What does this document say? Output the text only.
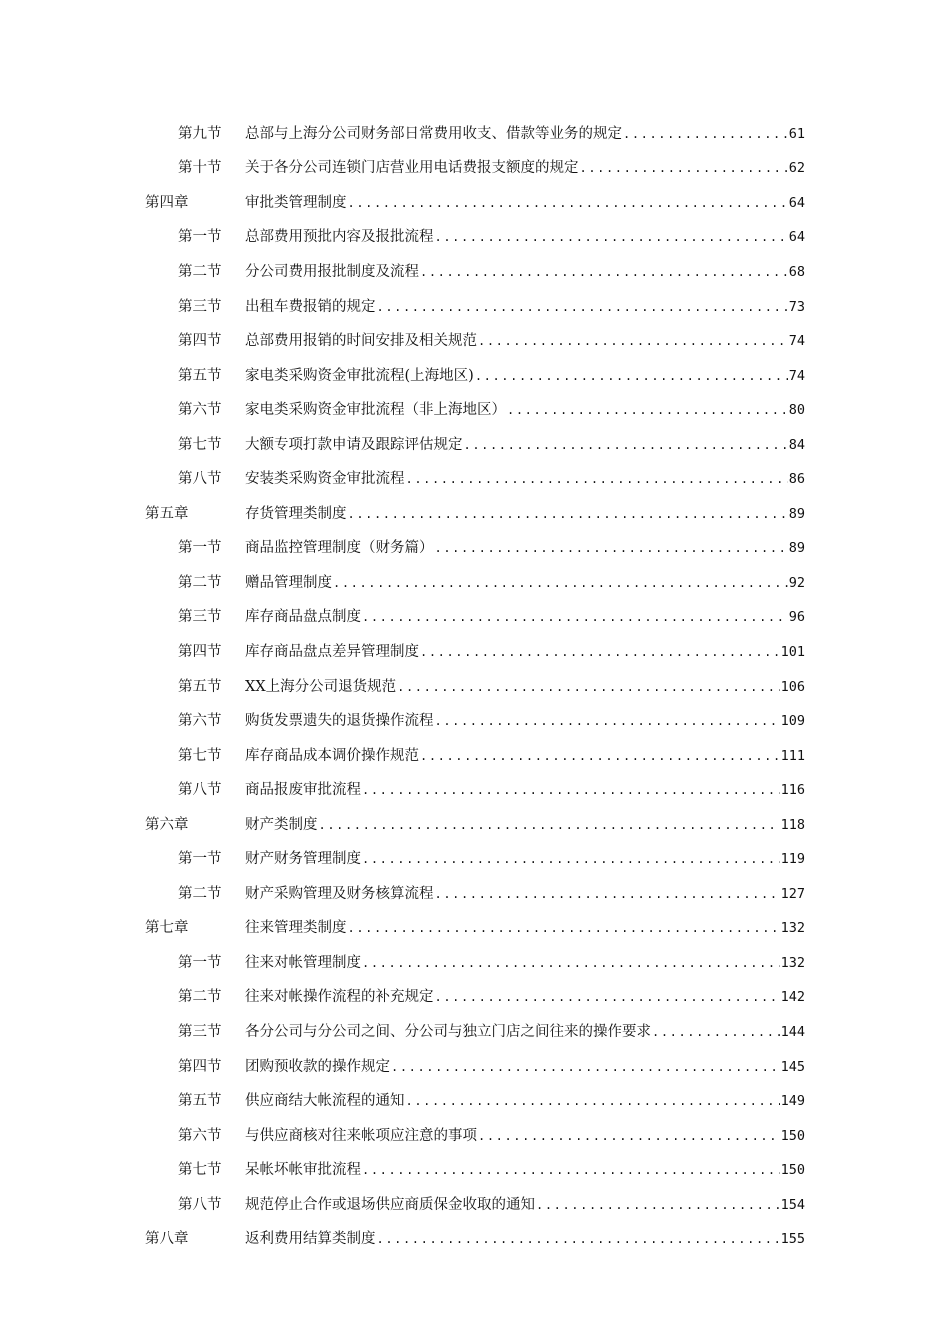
第九节 总部与上海分公司财务部日常费用收支、借款等业务的规定 .....	61
第十节 关于各分公司连锁门店营业用电话费报支额度的规定 .....	62
第四章	审批类管理制度 .....	64
第一节 总部费用预批内容及报批流程 .....	64
第二节 分公司费用报批制度及流程 .....	68
第三节 出租车费报销的规定 .....	73
第四节 总部费用报销的时间安排及相关规范 .....	74
第五节 家电类采购资金审批流程(上海地区) .....	74
第六节 家电类采购资金审批流程（非上海地区） .....	80
第七节 大额专项打款申请及跟踪评估规定 .....	84
第八节 安装类采购资金审批流程 .....	86
第五章	存货管理类制度 .....	89
第一节 商品监控管理制度（财务篇） .....	89
第二节 赠品管理制度 .....	92
第三节 库存商品盘点制度 .....	96
第四节 库存商品盘点差异管理制度 .....	101
第五节 XX上海分公司退货规范 .....	106
第六节 购货发票遗失的退货操作流程 .....	109
第七节 库存商品成本调价操作规范 .....	111
第八节 商品报废审批流程 .....	116
第六章	财产类制度 .....	118
第一节 财产财务管理制度 .....	119
第二节 财产采购管理及财务核算流程 .....	127
第七章	往来管理类制度 .....	132
第一节 往来对帐管理制度 .....	132
第二节 往来对帐操作流程的补充规定 .....	142
第三节 各分公司与分公司之间、分公司与独立门店之间往来的操作要求 .....	144
第四节 团购预收款的操作规定 .....	145
第五节 供应商结大帐流程的通知 .....	149
第六节 与供应商核对往来帐项应注意的事项 .....	150
第七节 呆帐坏帐审批流程 .....	150
第八节 规范停止合作或退场供应商质保金收取的通知 .....	154
第八章	返利费用结算类制度 .....	155
